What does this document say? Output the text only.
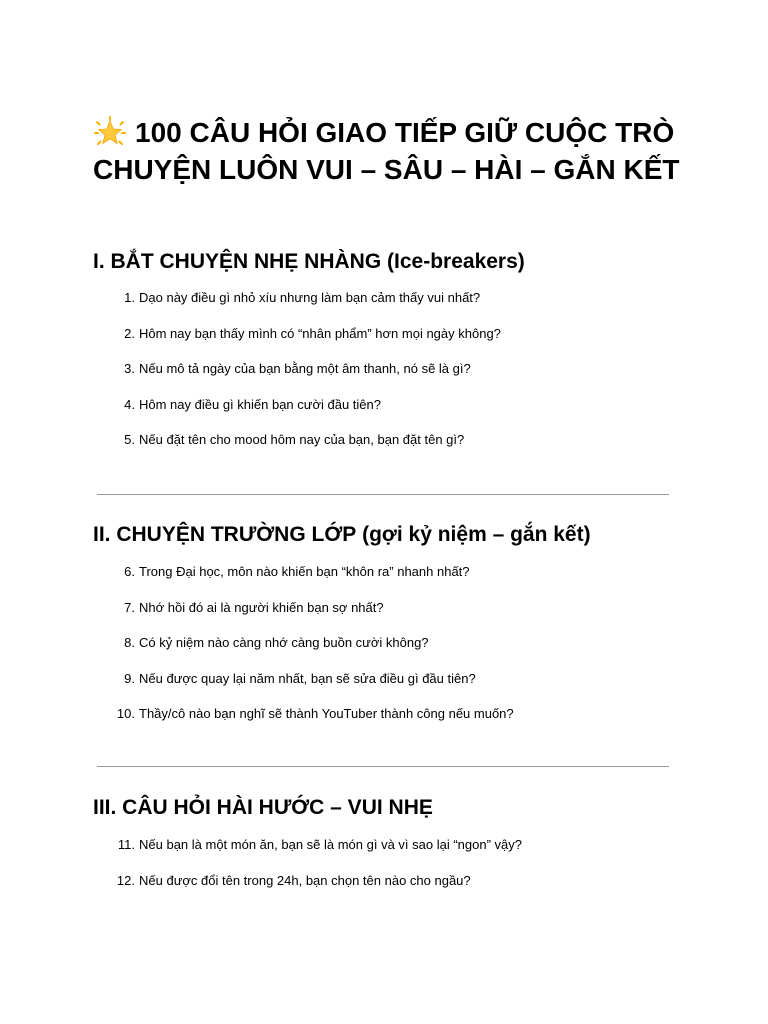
100 CÂU HỎI GIAO TIẾP GIỮ CUỘC TRÒ CHUYỆN LUÔN VUI – SÂU – HÀI – GẮN KẾT
I. BẮT CHUYỆN NHẸ NHÀNG (Ice-breakers)
1. Dạo này điều gì nhỏ xíu nhưng làm bạn cảm thấy vui nhất?
2. Hôm nay bạn thấy mình có “nhân phẩm” hơn mọi ngày không?
3. Nếu mô tả ngày của bạn bằng một âm thanh, nó sẽ là gì?
4. Hôm nay điều gì khiến bạn cười đầu tiên?
5. Nếu đặt tên cho mood hôm nay của bạn, bạn đặt tên gì?
II. CHUYỆN TRƯỜNG LỚP (gợi kỷ niệm – gắn kết)
6. Trong Đại học, môn nào khiến bạn “khôn ra” nhanh nhất?
7. Nhớ hồi đó ai là người khiến bạn sợ nhất?
8. Có kỷ niệm nào càng nhớ càng buồn cười không?
9. Nếu được quay lại năm nhất, bạn sẽ sửa điều gì đầu tiên?
10. Thầy/cô nào bạn nghĩ sẽ thành YouTuber thành công nếu muốn?
III. CÂU HỎI HÀI HƯỚC – VUI NHẸ
11. Nếu bạn là một món ăn, bạn sẽ là món gì và vì sao lại “ngon” vậy?
12. Nếu được đổi tên trong 24h, bạn chọn tên nào cho ngầu?
